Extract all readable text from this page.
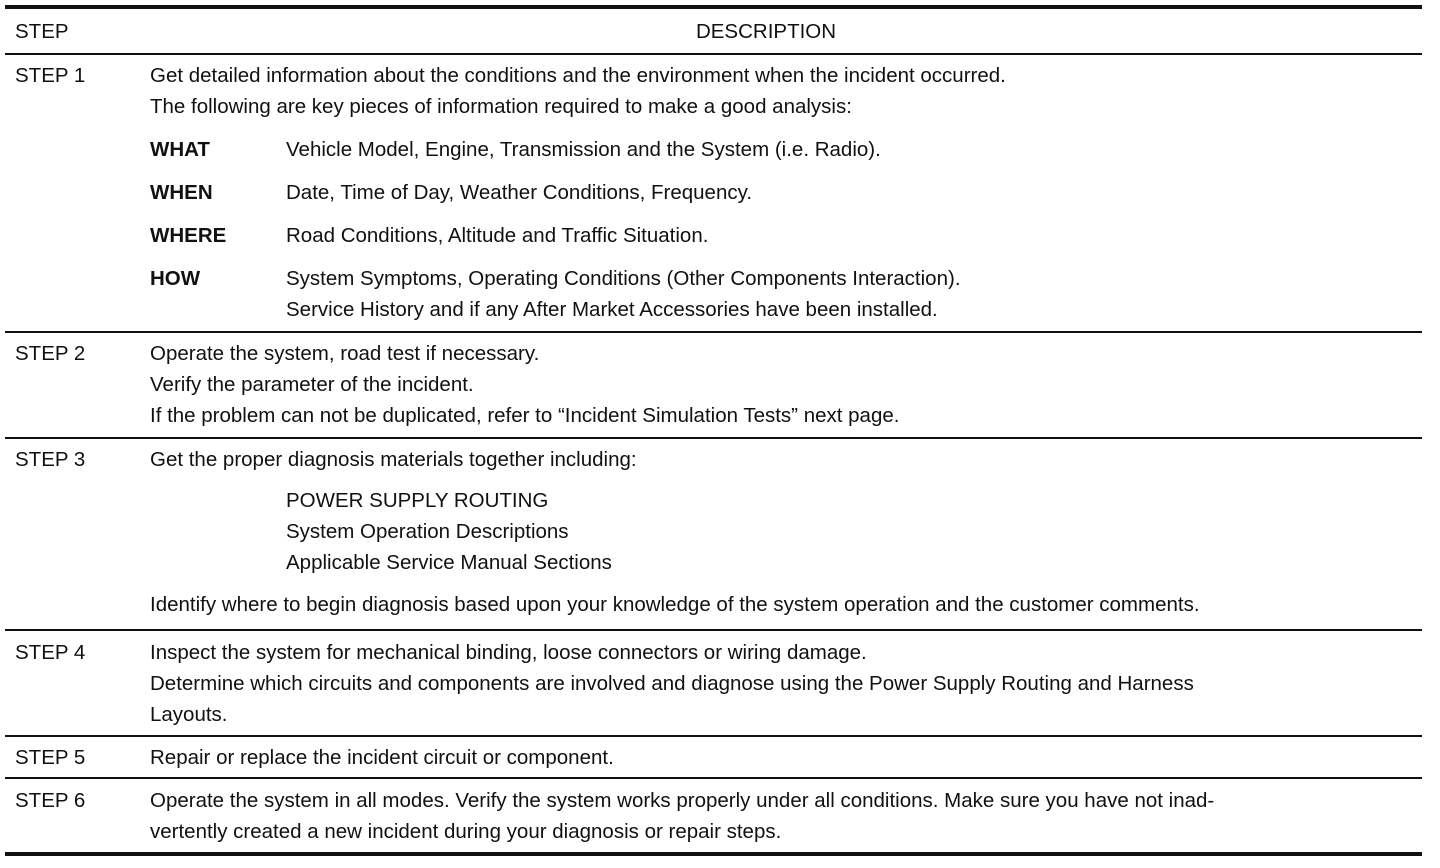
STEP	DESCRIPTION
STEP 1	Get detailed information about the conditions and the environment when the incident occurred.
The following are key pieces of information required to make a good analysis:
WHAT	Vehicle Model, Engine, Transmission and the System (i.e. Radio).
WHEN	Date, Time of Day, Weather Conditions, Frequency.
WHERE	Road Conditions, Altitude and Traffic Situation.
HOW	System Symptoms, Operating Conditions (Other Components Interaction).
Service History and if any After Market Accessories have been installed.
STEP 2	Operate the system, road test if necessary.
Verify the parameter of the incident.
If the problem can not be duplicated, refer to “Incident Simulation Tests” next page.
STEP 3	Get the proper diagnosis materials together including:
POWER SUPPLY ROUTING
System Operation Descriptions
Applicable Service Manual Sections
Identify where to begin diagnosis based upon your knowledge of the system operation and the customer comments.
STEP 4	Inspect the system for mechanical binding, loose connectors or wiring damage.
Determine which circuits and components are involved and diagnose using the Power Supply Routing and Harness
Layouts.
STEP 5	Repair or replace the incident circuit or component.
STEP 6	Operate the system in all modes. Verify the system works properly under all conditions. Make sure you have not inad-
vertently created a new incident during your diagnosis or repair steps.
